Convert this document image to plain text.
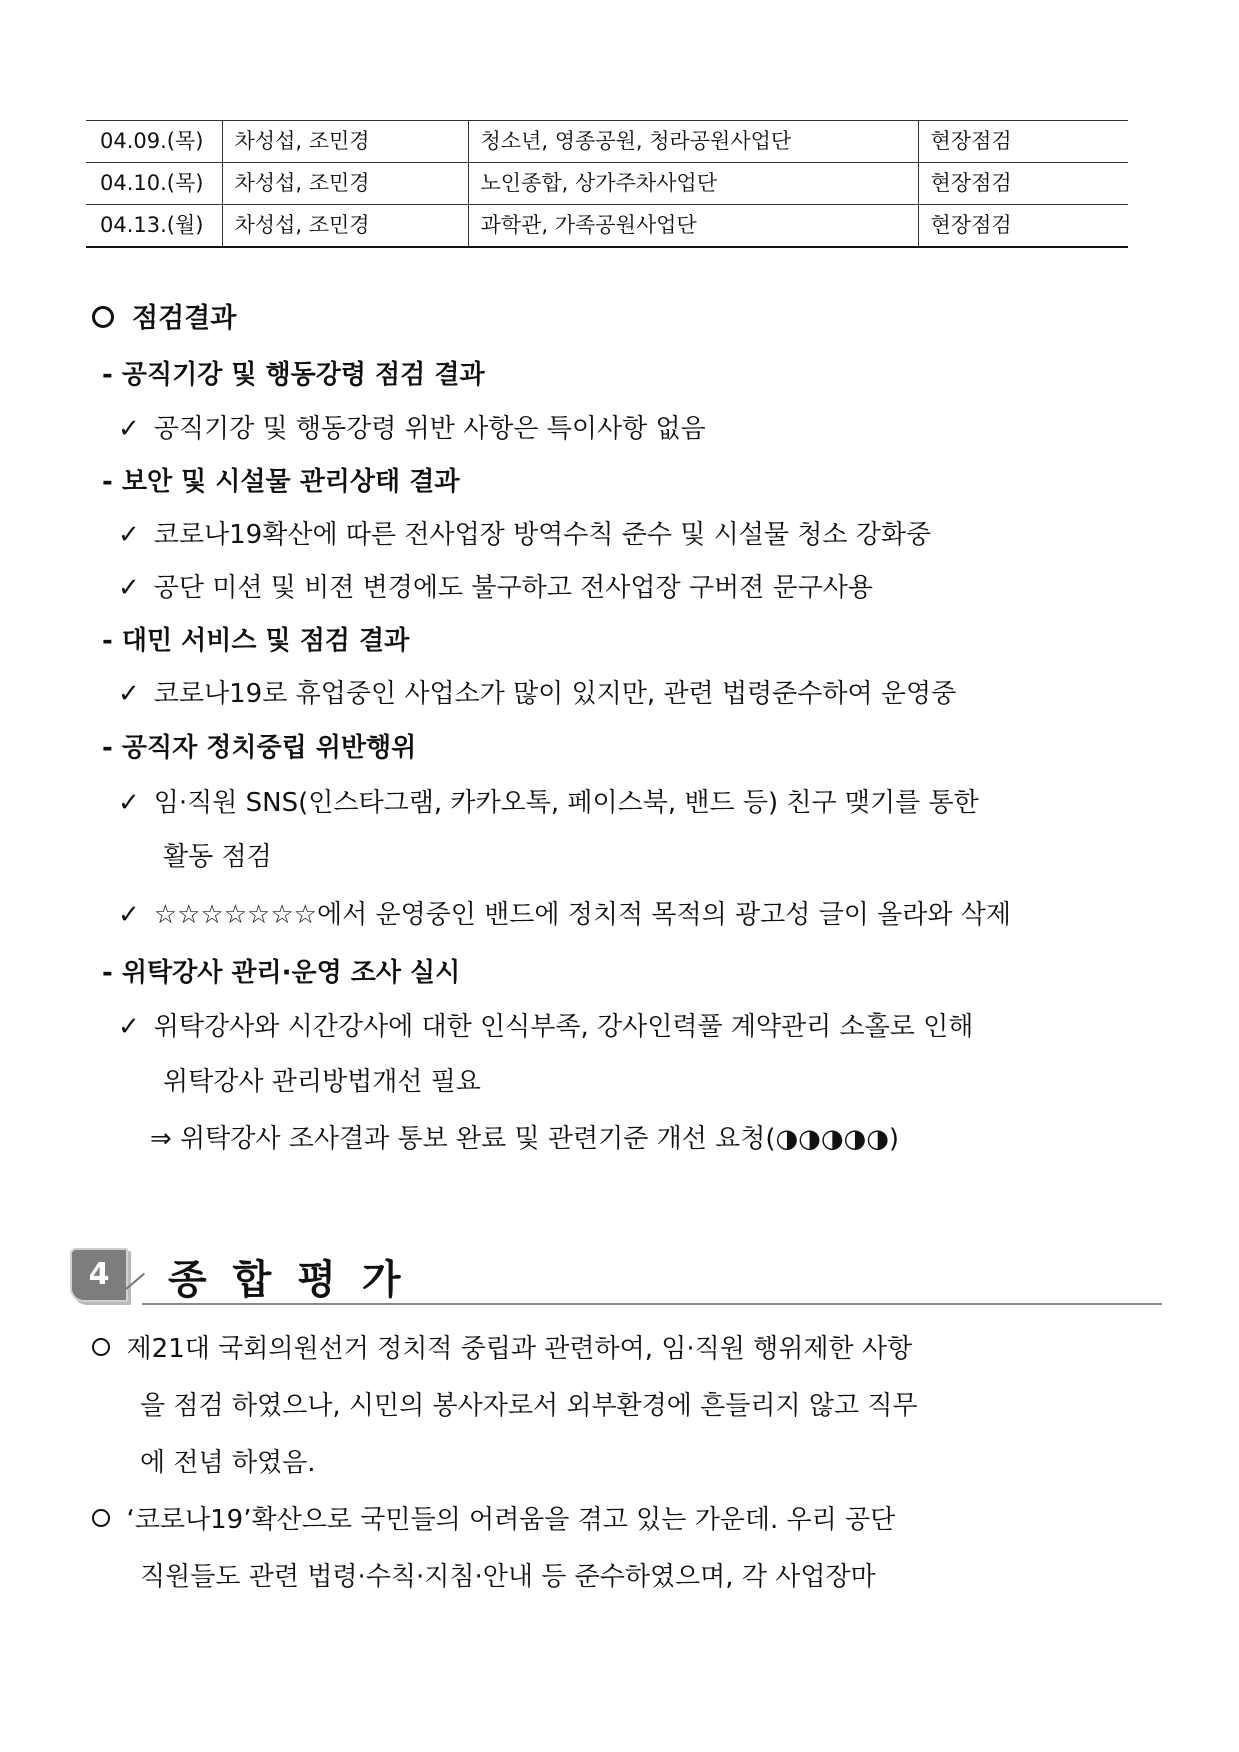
04.09.(목)	차성섭, 조민경	청소년, 영종공원, 청라공원사업단	현장점검
04.10.(목)	차성섭, 조민경	노인종합, 상가주차사업단	현장점검
04.13.(월)	차성섭, 조민경	과학관, 가족공원사업단	현장점검
점검결과
- 공직기강 및 행동강령 점검 결과
✓ 공직기강 및 행동강령 위반 사항은 특이사항 없음
- 보안 및 시설물 관리상태 결과
✓ 코로나19확산에 따른 전사업장 방역수칙 준수 및 시설물 청소 강화중
✓ 공단 미션 및 비젼 변경에도 불구하고 전사업장 구버젼 문구사용
- 대민 서비스 및 점검 결과
✓ 코로나19로 휴업중인 사업소가 많이 있지만, 관련 법령준수하여 운영중
- 공직자 정치중립 위반행위
✓ 임·직원 SNS(인스타그램, 카카오톡, 페이스북, 밴드 등) 친구 맺기를 통한
활동 점검
✓ ☆☆☆☆☆☆☆에서 운영중인 밴드에 정치적 목적의 광고성 글이 올라와 삭제
- 위탁강사 관리·운영 조사 실시
✓ 위탁강사와 시간강사에 대한 인식부족, 강사인력풀 계약관리 소홀로 인해
위탁강사 관리방법개선 필요
⇒ 위탁강사 조사결과 통보 완료 및 관련기준 개선 요청(◑◑◑◑◑)
4	종합평가
제21대 국회의원선거 정치적 중립과 관련하여, 임·직원 행위제한 사항
을 점검 하였으나, 시민의 봉사자로서 외부환경에 흔들리지 않고 직무
에 전념 하였음.
‘코로나19’확산으로 국민들의 어려움을 겪고 있는 가운데. 우리 공단
직원들도 관련 법령·수칙·지침·안내 등 준수하였으며, 각 사업장마
